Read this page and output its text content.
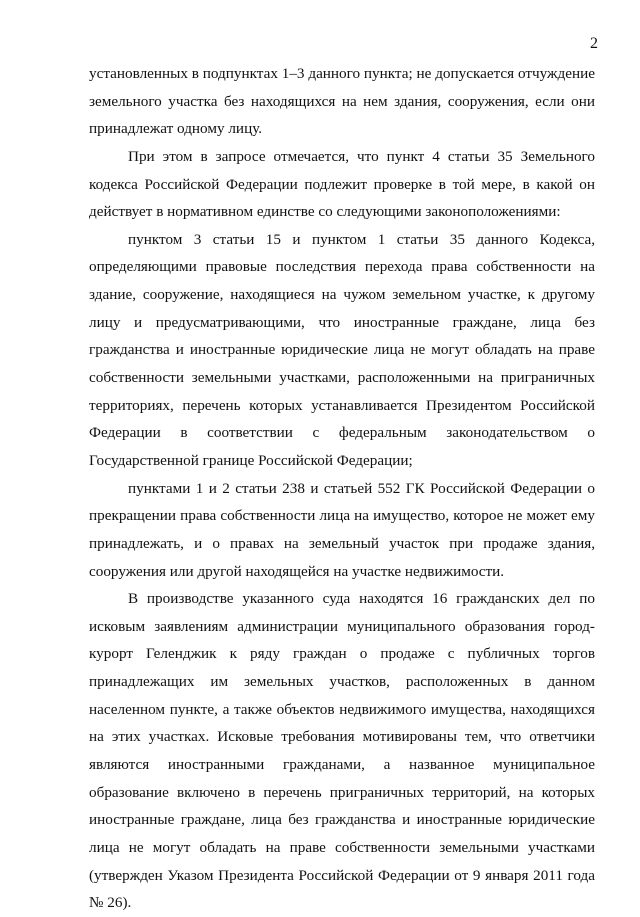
2
установленных в подпунктах 1–3 данного пункта; не допускается отчуждение
земельного участка без находящихся на нем здания, сооружения, если они
принадлежат одному лицу.
При этом в запросе отмечается, что пункт 4 статьи 35 Земельного
кодекса Российской Федерации подлежит проверке в той мере, в какой он
действует в нормативном единстве со следующими законоположениями:
пунктом 3 статьи 15 и пунктом 1 статьи 35 данного Кодекса,
определяющими правовые последствия перехода права собственности на
здание, сооружение, находящиеся на чужом земельном участке, к другому
лицу и предусматривающими, что иностранные граждане, лица без
гражданства и иностранные юридические лица не могут обладать на праве
собственности земельными участками, расположенными на приграничных
территориях, перечень которых устанавливается Президентом Российской
Федерации в соответствии с федеральным законодательством о
Государственной границе Российской Федерации;
пунктами 1 и 2 статьи 238 и статьей 552 ГК Российской Федерации о
прекращении права собственности лица на имущество, которое не может ему
принадлежать, и о правах на земельный участок при продаже здания,
сооружения или другой находящейся на участке недвижимости.
В производстве указанного суда находятся 16 гражданских дел по
исковым заявлениям администрации муниципального образования город-
курорт Геленджик к ряду граждан о продаже с публичных торгов
принадлежащих им земельных участков, расположенных в данном
населенном пункте, а также объектов недвижимого имущества, находящихся
на этих участках. Исковые требования мотивированы тем, что ответчики
являются иностранными гражданами, а названное муниципальное
образование включено в перечень приграничных территорий, на которых
иностранные граждане, лица без гражданства и иностранные юридические
лица не могут обладать на праве собственности земельными участками
(утвержден Указом Президента Российской Федерации от 9 января 2011 года
№ 26).
